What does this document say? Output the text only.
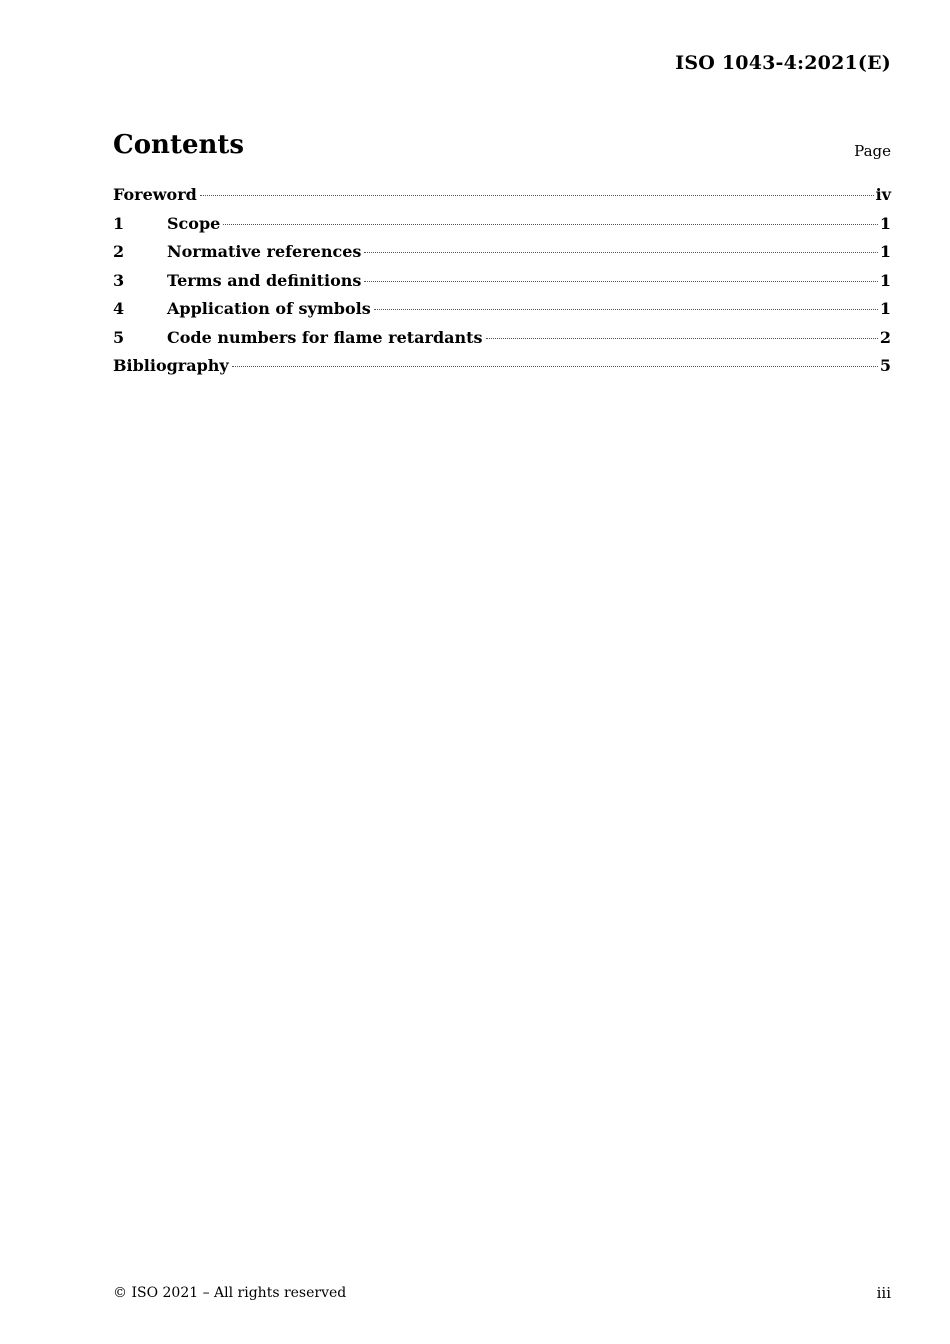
ISO 1043-4:2021(E)
Contents	Page
Foreword	iv
1	Scope	1
2	Normative references	1
3	Terms and definitions	1
4	Application of symbols	1
5	Code numbers for flame retardants	2
Bibliography	5
© ISO 2021 – All rights reserved	iii
